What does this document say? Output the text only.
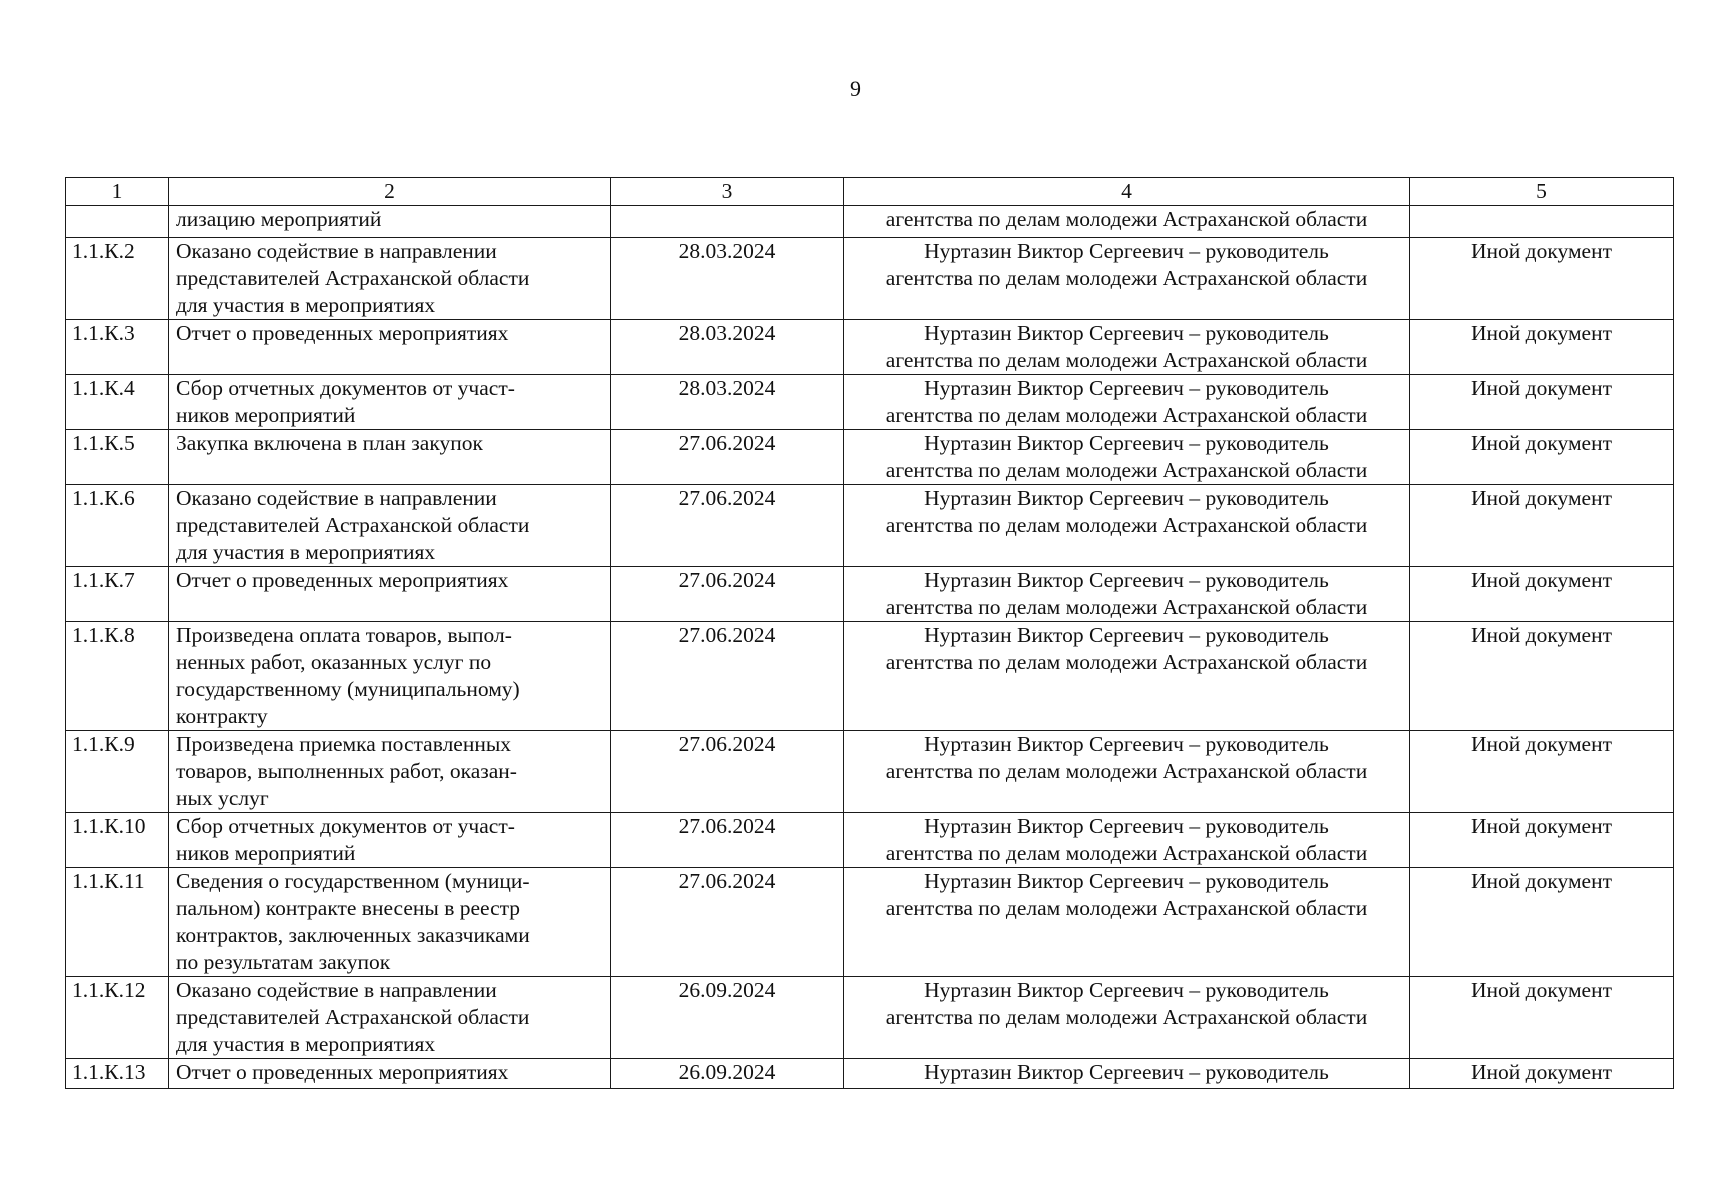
9
1	2	3	4	5
	лизацию мероприятий		агентства по делам молодежи Астраханской области	
1.1.К.2	Оказано содействие в направлении
представителей Астраханской области
для участия в мероприятиях	28.03.2024	Нуртазин Виктор Сергеевич – руководитель
агентства по делам молодежи Астраханской области	Иной документ
1.1.К.3	Отчет о проведенных мероприятиях	28.03.2024	Нуртазин Виктор Сергеевич – руководитель
агентства по делам молодежи Астраханской области	Иной документ
1.1.К.4	Сбор отчетных документов от участ-
ников мероприятий	28.03.2024	Нуртазин Виктор Сергеевич – руководитель
агентства по делам молодежи Астраханской области	Иной документ
1.1.К.5	Закупка включена в план закупок	27.06.2024	Нуртазин Виктор Сергеевич – руководитель
агентства по делам молодежи Астраханской области	Иной документ
1.1.К.6	Оказано содействие в направлении
представителей Астраханской области
для участия в мероприятиях	27.06.2024	Нуртазин Виктор Сергеевич – руководитель
агентства по делам молодежи Астраханской области	Иной документ
1.1.К.7	Отчет о проведенных мероприятиях	27.06.2024	Нуртазин Виктор Сергеевич – руководитель
агентства по делам молодежи Астраханской области	Иной документ
1.1.К.8	Произведена оплата товаров, выпол-
ненных работ, оказанных услуг по
государственному (муниципальному)
контракту	27.06.2024	Нуртазин Виктор Сергеевич – руководитель
агентства по делам молодежи Астраханской области	Иной документ
1.1.К.9	Произведена приемка поставленных
товаров, выполненных работ, оказан-
ных услуг	27.06.2024	Нуртазин Виктор Сергеевич – руководитель
агентства по делам молодежи Астраханской области	Иной документ
1.1.К.10	Сбор отчетных документов от участ-
ников мероприятий	27.06.2024	Нуртазин Виктор Сергеевич – руководитель
агентства по делам молодежи Астраханской области	Иной документ
1.1.К.11	Сведения о государственном (муници-
пальном) контракте внесены в реестр
контрактов, заключенных заказчиками
по результатам закупок	27.06.2024	Нуртазин Виктор Сергеевич – руководитель
агентства по делам молодежи Астраханской области	Иной документ
1.1.К.12	Оказано содействие в направлении
представителей Астраханской области
для участия в мероприятиях	26.09.2024	Нуртазин Виктор Сергеевич – руководитель
агентства по делам молодежи Астраханской области	Иной документ
1.1.К.13	Отчет о проведенных мероприятиях	26.09.2024	Нуртазин Виктор Сергеевич – руководитель	Иной документ
